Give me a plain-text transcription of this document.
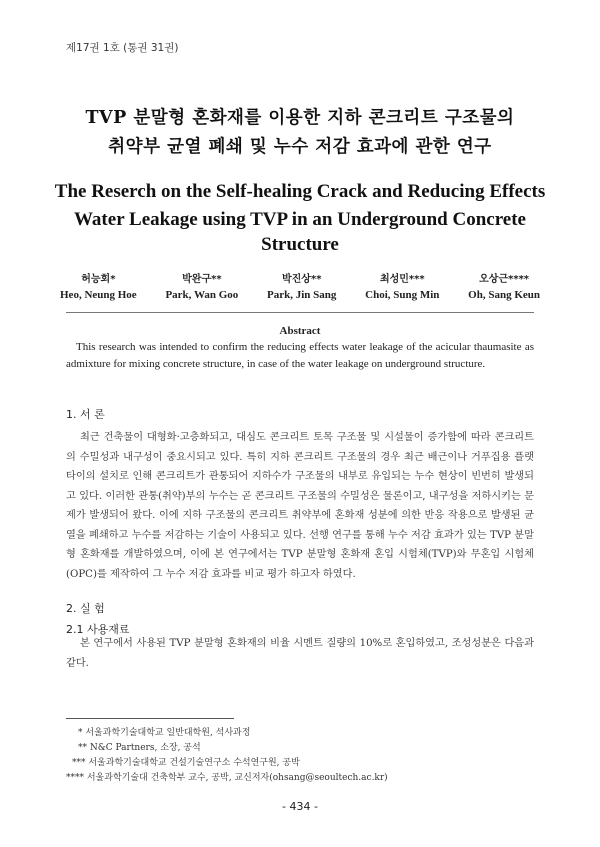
제17권 1호 (통권 31권)
TVP 분말형 혼화재를 이용한 지하 콘크리트 구조물의
취약부 균열 폐쇄 및 누수 저감 효과에 관한 연구
The Reserch on the Self-healing Crack and Reducing Effects
Water Leakage using TVP in an Underground Concrete
Structure
허능회*
Heo, Neung Hoe
박완구**
Park, Wan Goo
박진상**
Park, Jin Sang
최성민***
Choi, Sung Min
오상근****
Oh, Sang Keun
Abstract
This research was intended to confirm the reducing effects water leakage of the acicular thaumasite as admixture for mixing concrete structure, in case of the water leakage on underground structure.
1. 서 론
최근 건축물이 대형화·고층화되고, 대심도 콘크리트 토목 구조물 및 시설물이 증가함에 따라 콘크리트의 수밀성과 내구성이 중요시되고 있다. 특히 지하 콘크리트 구조물의 경우 최근 배근이나 거푸집용 플랫타이의 설치로 인해 콘크리트가 관통되어 지하수가 구조물의 내부로 유입되는 누수 현상이 빈번히 발생되고 있다. 이러한 관통(취약)부의 누수는 곧 콘크리트 구조물의 수밀성은 물론이고, 내구성을 저하시키는 문제가 발생되어 왔다. 이에 지하 구조물의 콘크리트 취약부에 혼화재 성분에 의한 반응 작용으로 발생된 균열을 폐쇄하고 누수를 저감하는 기술이 사용되고 있다. 선행 연구를 통해 누수 저감 효과가 있는 TVP 분말형 혼화재를 개발하였으며, 이에 본 연구에서는 TVP 분말형 혼화재 혼입 시험체(TVP)와 무혼입 시험체(OPC)를 제작하여 그 누수 저감 효과를 비교 평가 하고자 하였다.
2. 실 험
2.1 사용재료
본 연구에서 사용된 TVP 분말형 혼화재의 비율 시멘트 질량의 10%로 혼입하였고, 조성성분은 다음과 같다.
* 서울과학기술대학교 일반대학원, 석사과정
** N&C Partners, 소장, 공석
*** 서울과학기술대학교 건설기술연구소 수석연구원, 공박
**** 서울과학기술대 건축학부 교수, 공박, 교신저자(ohsang@seoultech.ac.kr)
- 434 -
